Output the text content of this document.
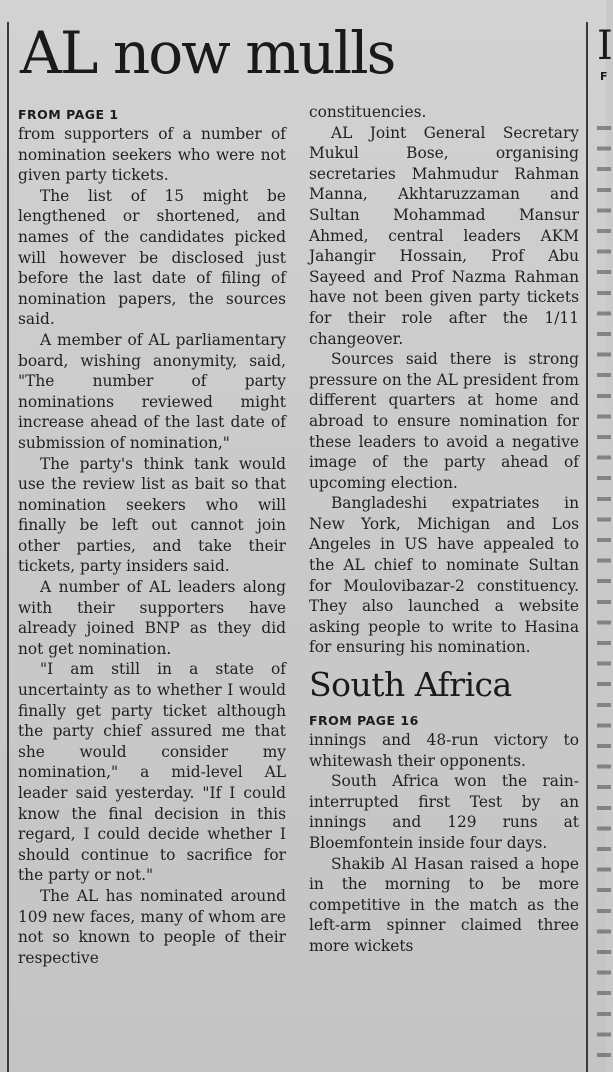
AL now mulls
FROM PAGE 1

from supporters of a number of nomination seekers who were not given party tickets.

The list of 15 might be lengthened or shortened, and names of the candidates picked will however be disclosed just before the last date of filing of nomination papers, the sources said.

A member of AL parliamentary board, wishing anonymity, said, "The number of party nominations reviewed might increase ahead of the last date of submission of nomination,"

The party's think tank would use the review list as bait so that nomination seekers who will finally be left out cannot join other parties, and take their tickets, party insiders said.

A number of AL leaders along with their supporters have already joined BNP as they did not get nomination.

"I am still in a state of uncertainty as to whether I would finally get party ticket although the party chief assured me that she would consider my nomination," a mid-level AL leader said yesterday. "If I could know the final decision in this regard, I could decide whether I should continue to sacrifice for the party or not."

The AL has nominated around 109 new faces, many of whom are not so known to people of their respective

constituencies.

AL Joint General Secretary Mukul Bose, organising secretaries Mahmudur Rahman Manna, Akhtaruzzaman and Sultan Mohammad Mansur Ahmed, central leaders AKM Jahangir Hossain, Prof Abu Sayeed and Prof Nazma Rahman have not been given party tickets for their role after the 1/11 changeover.

Sources said there is strong pressure on the AL president from different quarters at home and abroad to ensure nomination for these leaders to avoid a negative image of the party ahead of upcoming election.

Bangladeshi expatriates in New York, Michigan and Los Angeles in US have appealed to the AL chief to nominate Sultan for Moulovibazar-2 constituency. They also launched a website asking people to write to Hasina for ensuring his nomination.

South Africa
FROM PAGE 16

innings and 48-run victory to whitewash their opponents.

South Africa won the rain-interrupted first Test by an innings and 129 runs at Bloemfontein inside four days.

Shakib Al Hasan raised a hope in the morning to be more competitive in the match as the left-arm spinner claimed three more wickets

I
F
